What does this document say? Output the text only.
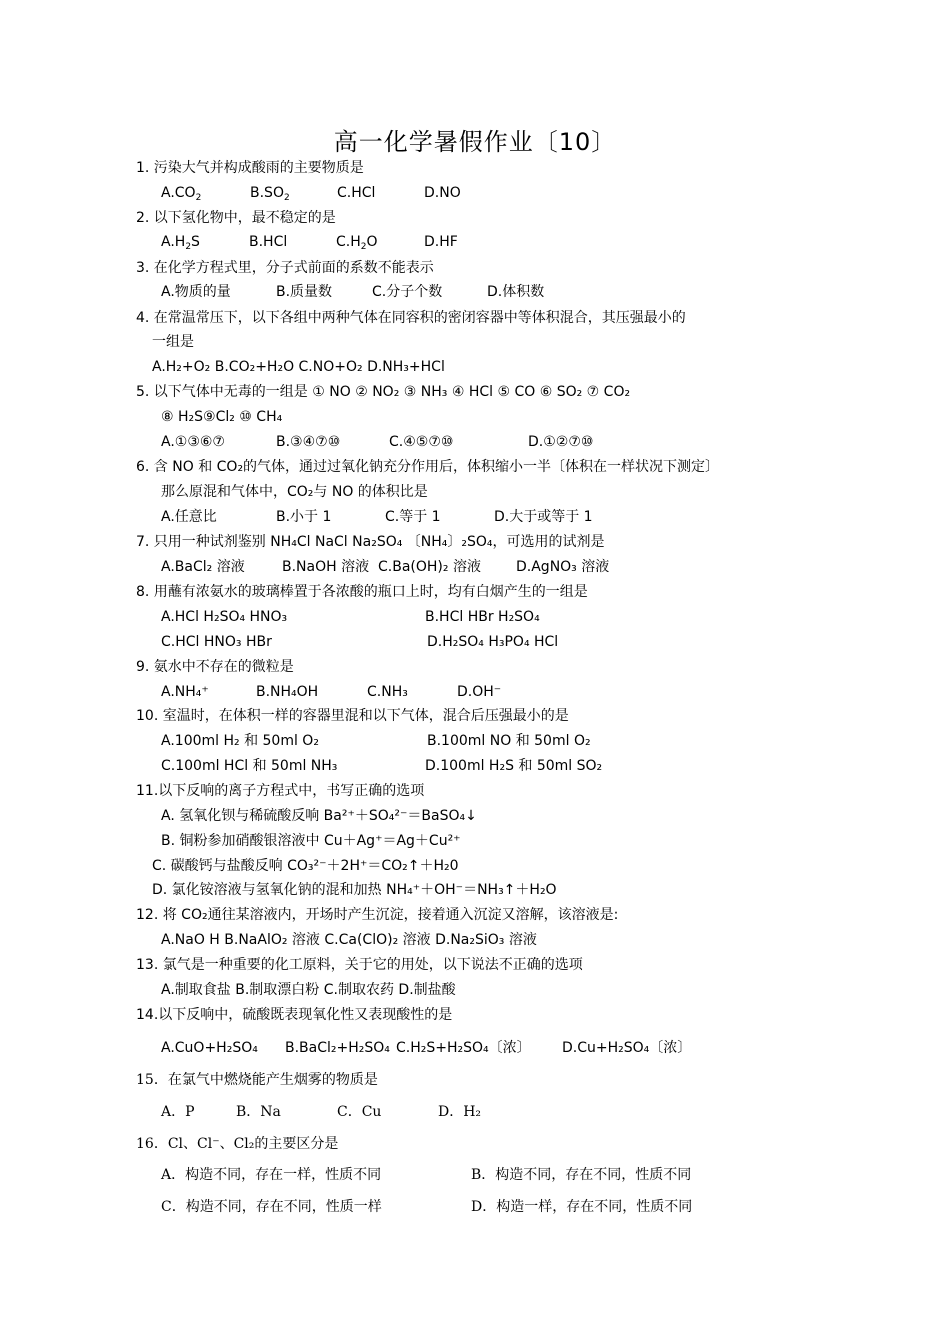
高一化学暑假作业〔10〕
1. 污染大气并构成酸雨的主要物质是
$A.CO_2$	$B.SO_2$	C.HCl	D.NO
2. 以下氢化物中，最不稳定的是
$A.H_2S$	B.HCl	$C.H_2O$	D.HF
3. 在化学方程式里，分子式前面的系数不能表示
A.物质的量	B.质量数	C.分子个数	D.体积数
4. 在常温常压下，以下各组中两种气体在同容积的密闭容器中等体积混合，其压强最小的
一组是
A.H₂+O₂ B.CO₂+H₂O C.NO+O₂ D.NH₃+HCl
5. 以下气体中无毒的一组是 ① NO ② NO₂ ③ NH₃ ④ HCl ⑤ CO ⑥ SO₂ ⑦ CO₂
⑧ H₂S⑨Cl₂ ⑩ CH₄
A.①③⑥⑦	B.③④⑦⑩	C.④⑤⑦⑩	D.①②⑦⑩
6. 含 NO 和 CO₂的气体，通过过氧化钠充分作用后，体积缩小一半〔体积在一样状况下测定〕
那么原混和气体中，CO₂与 NO 的体积比是
A.任意比	B.小于 1	C.等于 1	D.大于或等于 1
7. 只用一种试剂鉴别 NH₄Cl NaCl Na₂SO₄ 〔NH₄〕₂SO₄，可选用的试剂是
A.BaCl₂ 溶液	B.NaOH 溶液 C.Ba(OH)₂ 溶液	D.AgNO₃ 溶液
8. 用蘸有浓氨水的玻璃棒置于各浓酸的瓶口上时，均有白烟产生的一组是
A.HCl H₂SO₄ HNO₃	B.HCl HBr H₂SO₄
C.HCl HNO₃ HBr	D.H₂SO₄ H₃PO₄ HCl
9. 氨水中不存在的微粒是
A.NH₄⁺	B.NH₄OH	C.NH₃	D.OH⁻
10. 室温时，在体积一样的容器里混和以下气体，混合后压强最小的是
A.100ml H₂ 和 50ml O₂	B.100ml NO 和 50ml O₂
C.100ml HCl 和 50ml NH₃	D.100ml H₂S 和 50ml SO₂
11.以下反响的离子方程式中，书写正确的选项
A. 氢氧化钡与稀硫酸反响 Ba²⁺＋SO₄²⁻＝BaSO₄↓
B. 铜粉参加硝酸银溶液中 Cu＋Ag⁺＝Ag＋Cu²⁺
C. 碳酸钙与盐酸反响 CO₃²⁻＋2H⁺＝CO₂↑＋H₂0
D. 氯化铵溶液与氢氧化钠的混和加热 NH₄⁺＋OH⁻＝NH₃↑＋H₂O
12. 将 CO₂通往某溶液内，开场时产生沉淀，接着通入沉淀又溶解，该溶液是:
A.NaO H B.NaAlO₂ 溶液 C.Ca(ClO)₂ 溶液 D.Na₂SiO₃ 溶液
13. 氯气是一种重要的化工原料，关于它的用处，以下说法不正确的选项
A.制取食盐 B.制取漂白粉 C.制取农药 D.制盐酸
14.以下反响中，硫酸既表现氧化性又表现酸性的是
A.CuO+H₂SO₄ B.BaCl₂+H₂SO₄ C.H₂S+H₂SO₄〔浓〕 D.Cu+H₂SO₄〔浓〕
15．在氯气中燃烧能产生烟雾的物质是
A．P	B．Na	C．Cu	D．H₂
16．Cl、Cl⁻、Cl₂的主要区分是
A．构造不同，存在一样，性质不同	B．构造不同，存在不同，性质不同
C．构造不同，存在不同，性质一样	D．构造一样，存在不同，性质不同
